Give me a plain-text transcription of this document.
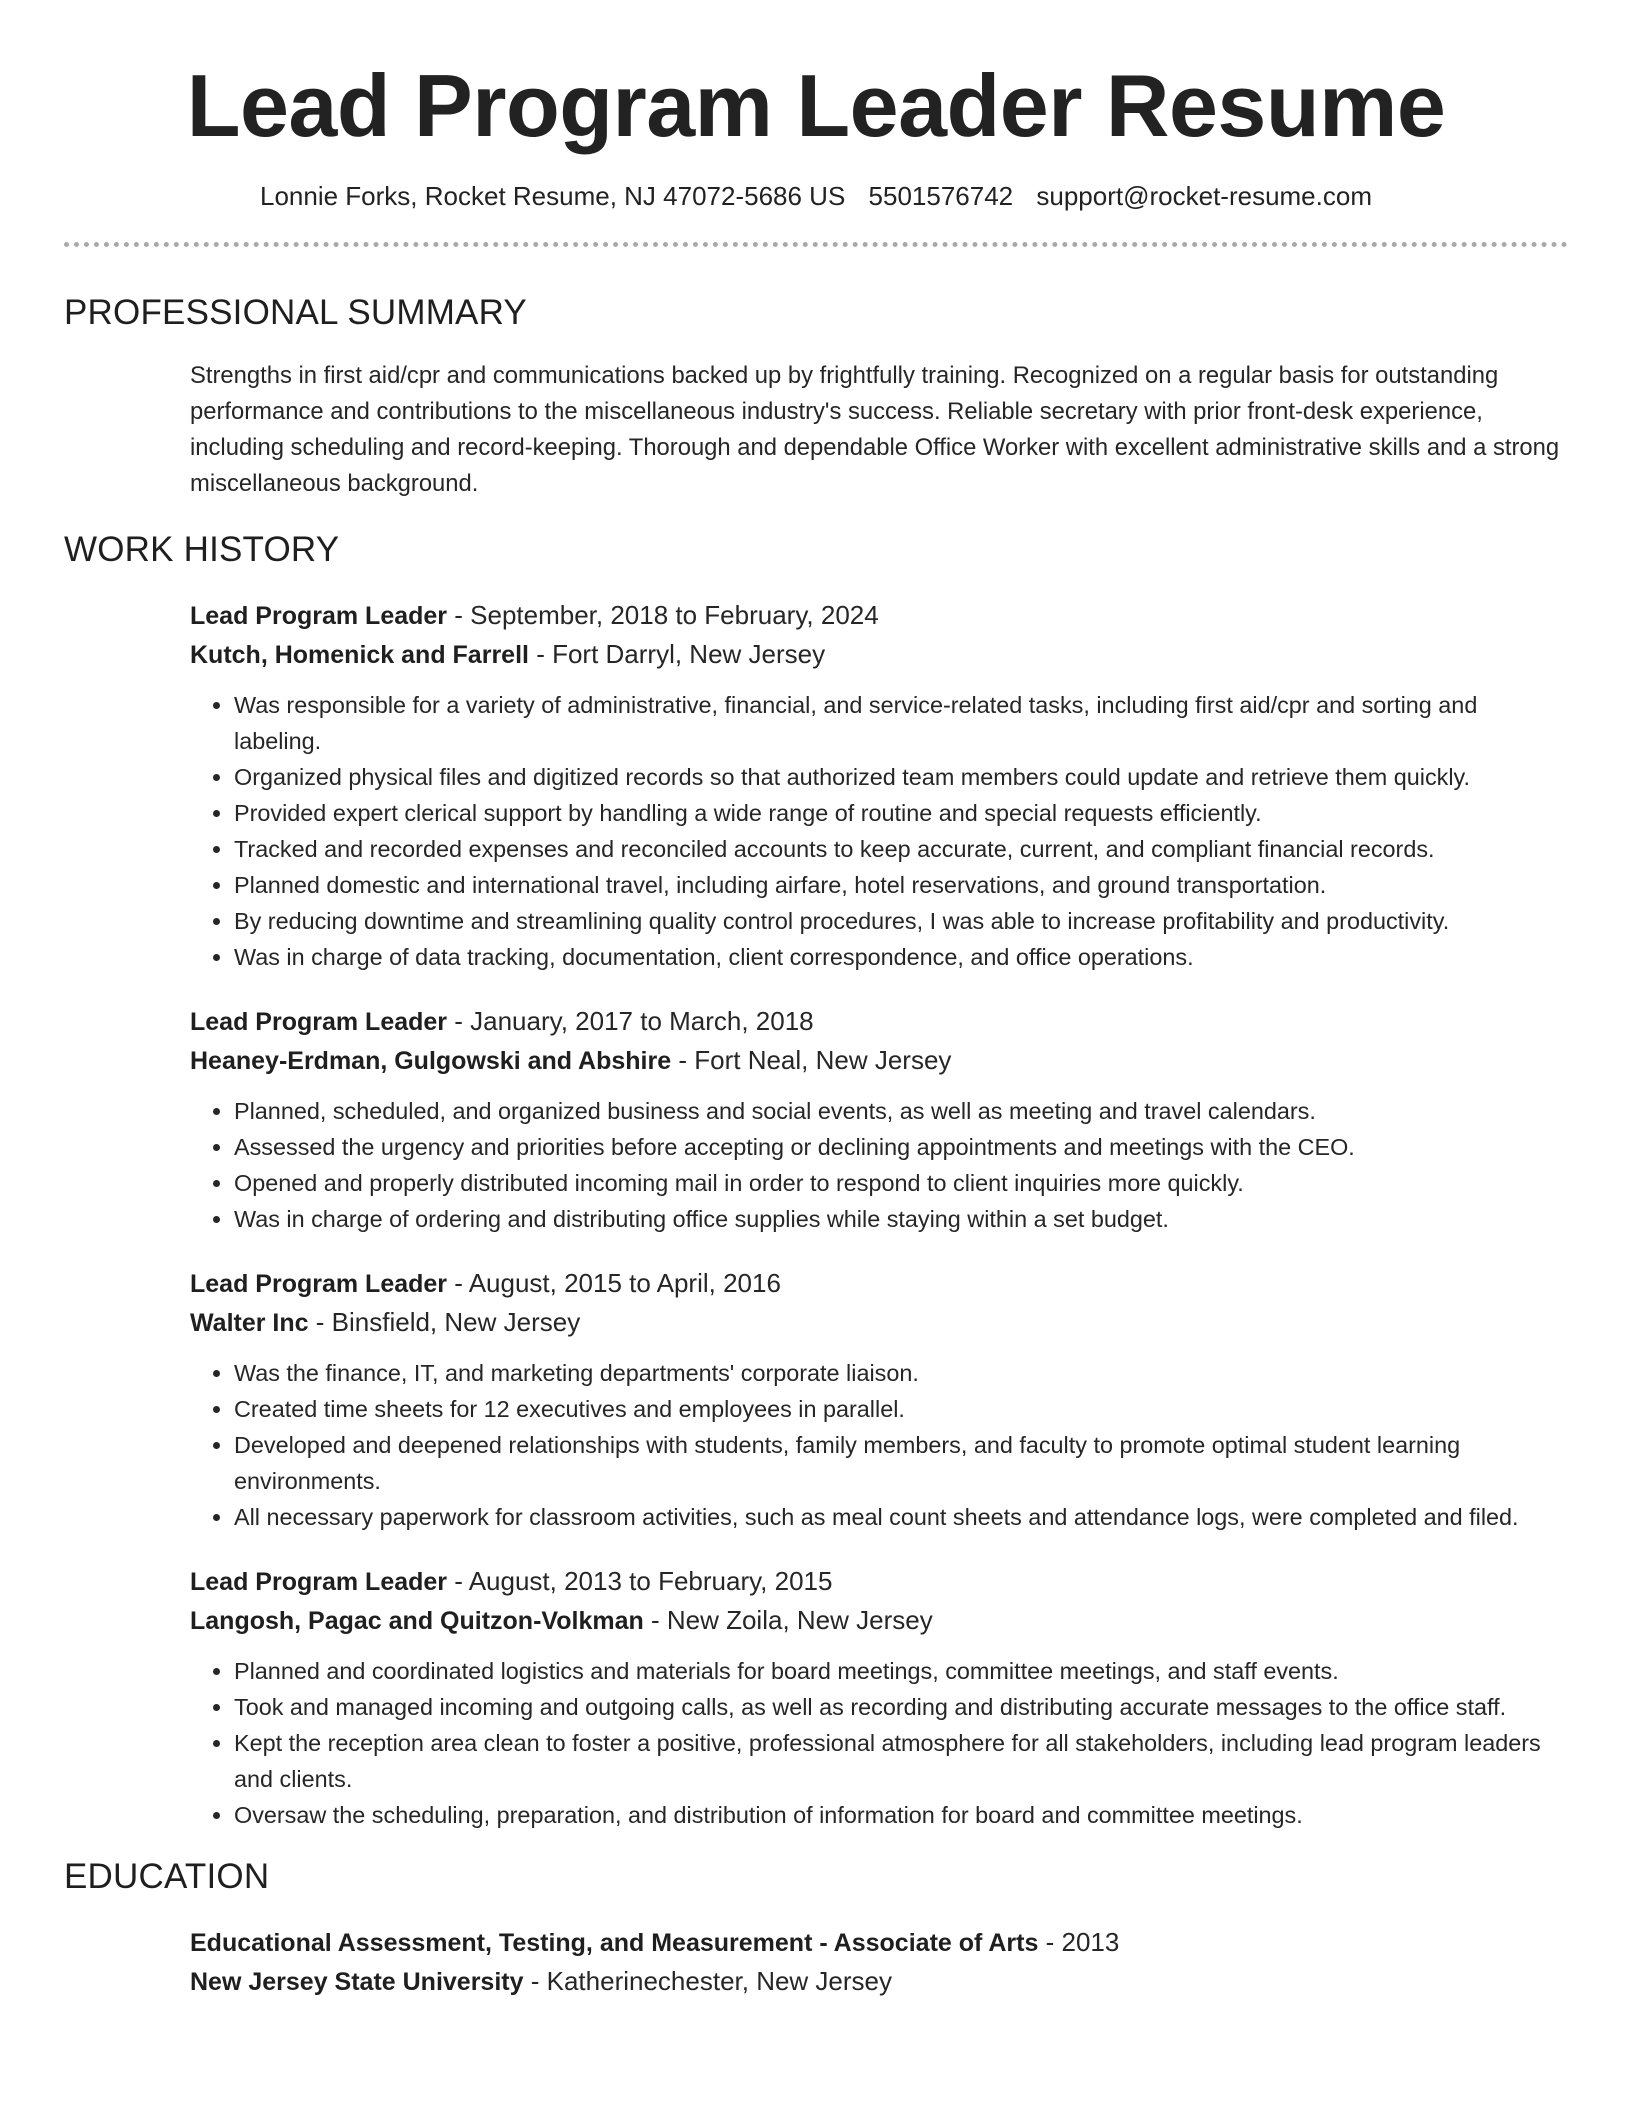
Lead Program Leader Resume
Lonnie Forks, Rocket Resume, NJ 47072-5686 US 5501576742 support@rocket-resume.com
PROFESSIONAL SUMMARY
Strengths in first aid/cpr and communications backed up by frightfully training. Recognized on a regular basis for outstanding performance and contributions to the miscellaneous industry's success. Reliable secretary with prior front-desk experience, including scheduling and record-keeping. Thorough and dependable Office Worker with excellent administrative skills and a strong miscellaneous background.
WORK HISTORY
Lead Program Leader - September, 2018 to February, 2024
Kutch, Homenick and Farrell - Fort Darryl, New Jersey
• Was responsible for a variety of administrative, financial, and service-related tasks, including first aid/cpr and sorting and labeling.
• Organized physical files and digitized records so that authorized team members could update and retrieve them quickly.
• Provided expert clerical support by handling a wide range of routine and special requests efficiently.
• Tracked and recorded expenses and reconciled accounts to keep accurate, current, and compliant financial records.
• Planned domestic and international travel, including airfare, hotel reservations, and ground transportation.
• By reducing downtime and streamlining quality control procedures, I was able to increase profitability and productivity.
• Was in charge of data tracking, documentation, client correspondence, and office operations.
Lead Program Leader - January, 2017 to March, 2018
Heaney-Erdman, Gulgowski and Abshire - Fort Neal, New Jersey
• Planned, scheduled, and organized business and social events, as well as meeting and travel calendars.
• Assessed the urgency and priorities before accepting or declining appointments and meetings with the CEO.
• Opened and properly distributed incoming mail in order to respond to client inquiries more quickly.
• Was in charge of ordering and distributing office supplies while staying within a set budget.
Lead Program Leader - August, 2015 to April, 2016
Walter Inc - Binsfield, New Jersey
• Was the finance, IT, and marketing departments' corporate liaison.
• Created time sheets for 12 executives and employees in parallel.
• Developed and deepened relationships with students, family members, and faculty to promote optimal student learning environments.
• All necessary paperwork for classroom activities, such as meal count sheets and attendance logs, were completed and filed.
Lead Program Leader - August, 2013 to February, 2015
Langosh, Pagac and Quitzon-Volkman - New Zoila, New Jersey
• Planned and coordinated logistics and materials for board meetings, committee meetings, and staff events.
• Took and managed incoming and outgoing calls, as well as recording and distributing accurate messages to the office staff.
• Kept the reception area clean to foster a positive, professional atmosphere for all stakeholders, including lead program leaders and clients.
• Oversaw the scheduling, preparation, and distribution of information for board and committee meetings.
EDUCATION
Educational Assessment, Testing, and Measurement - Associate of Arts - 2013
New Jersey State University - Katherinechester, New Jersey
